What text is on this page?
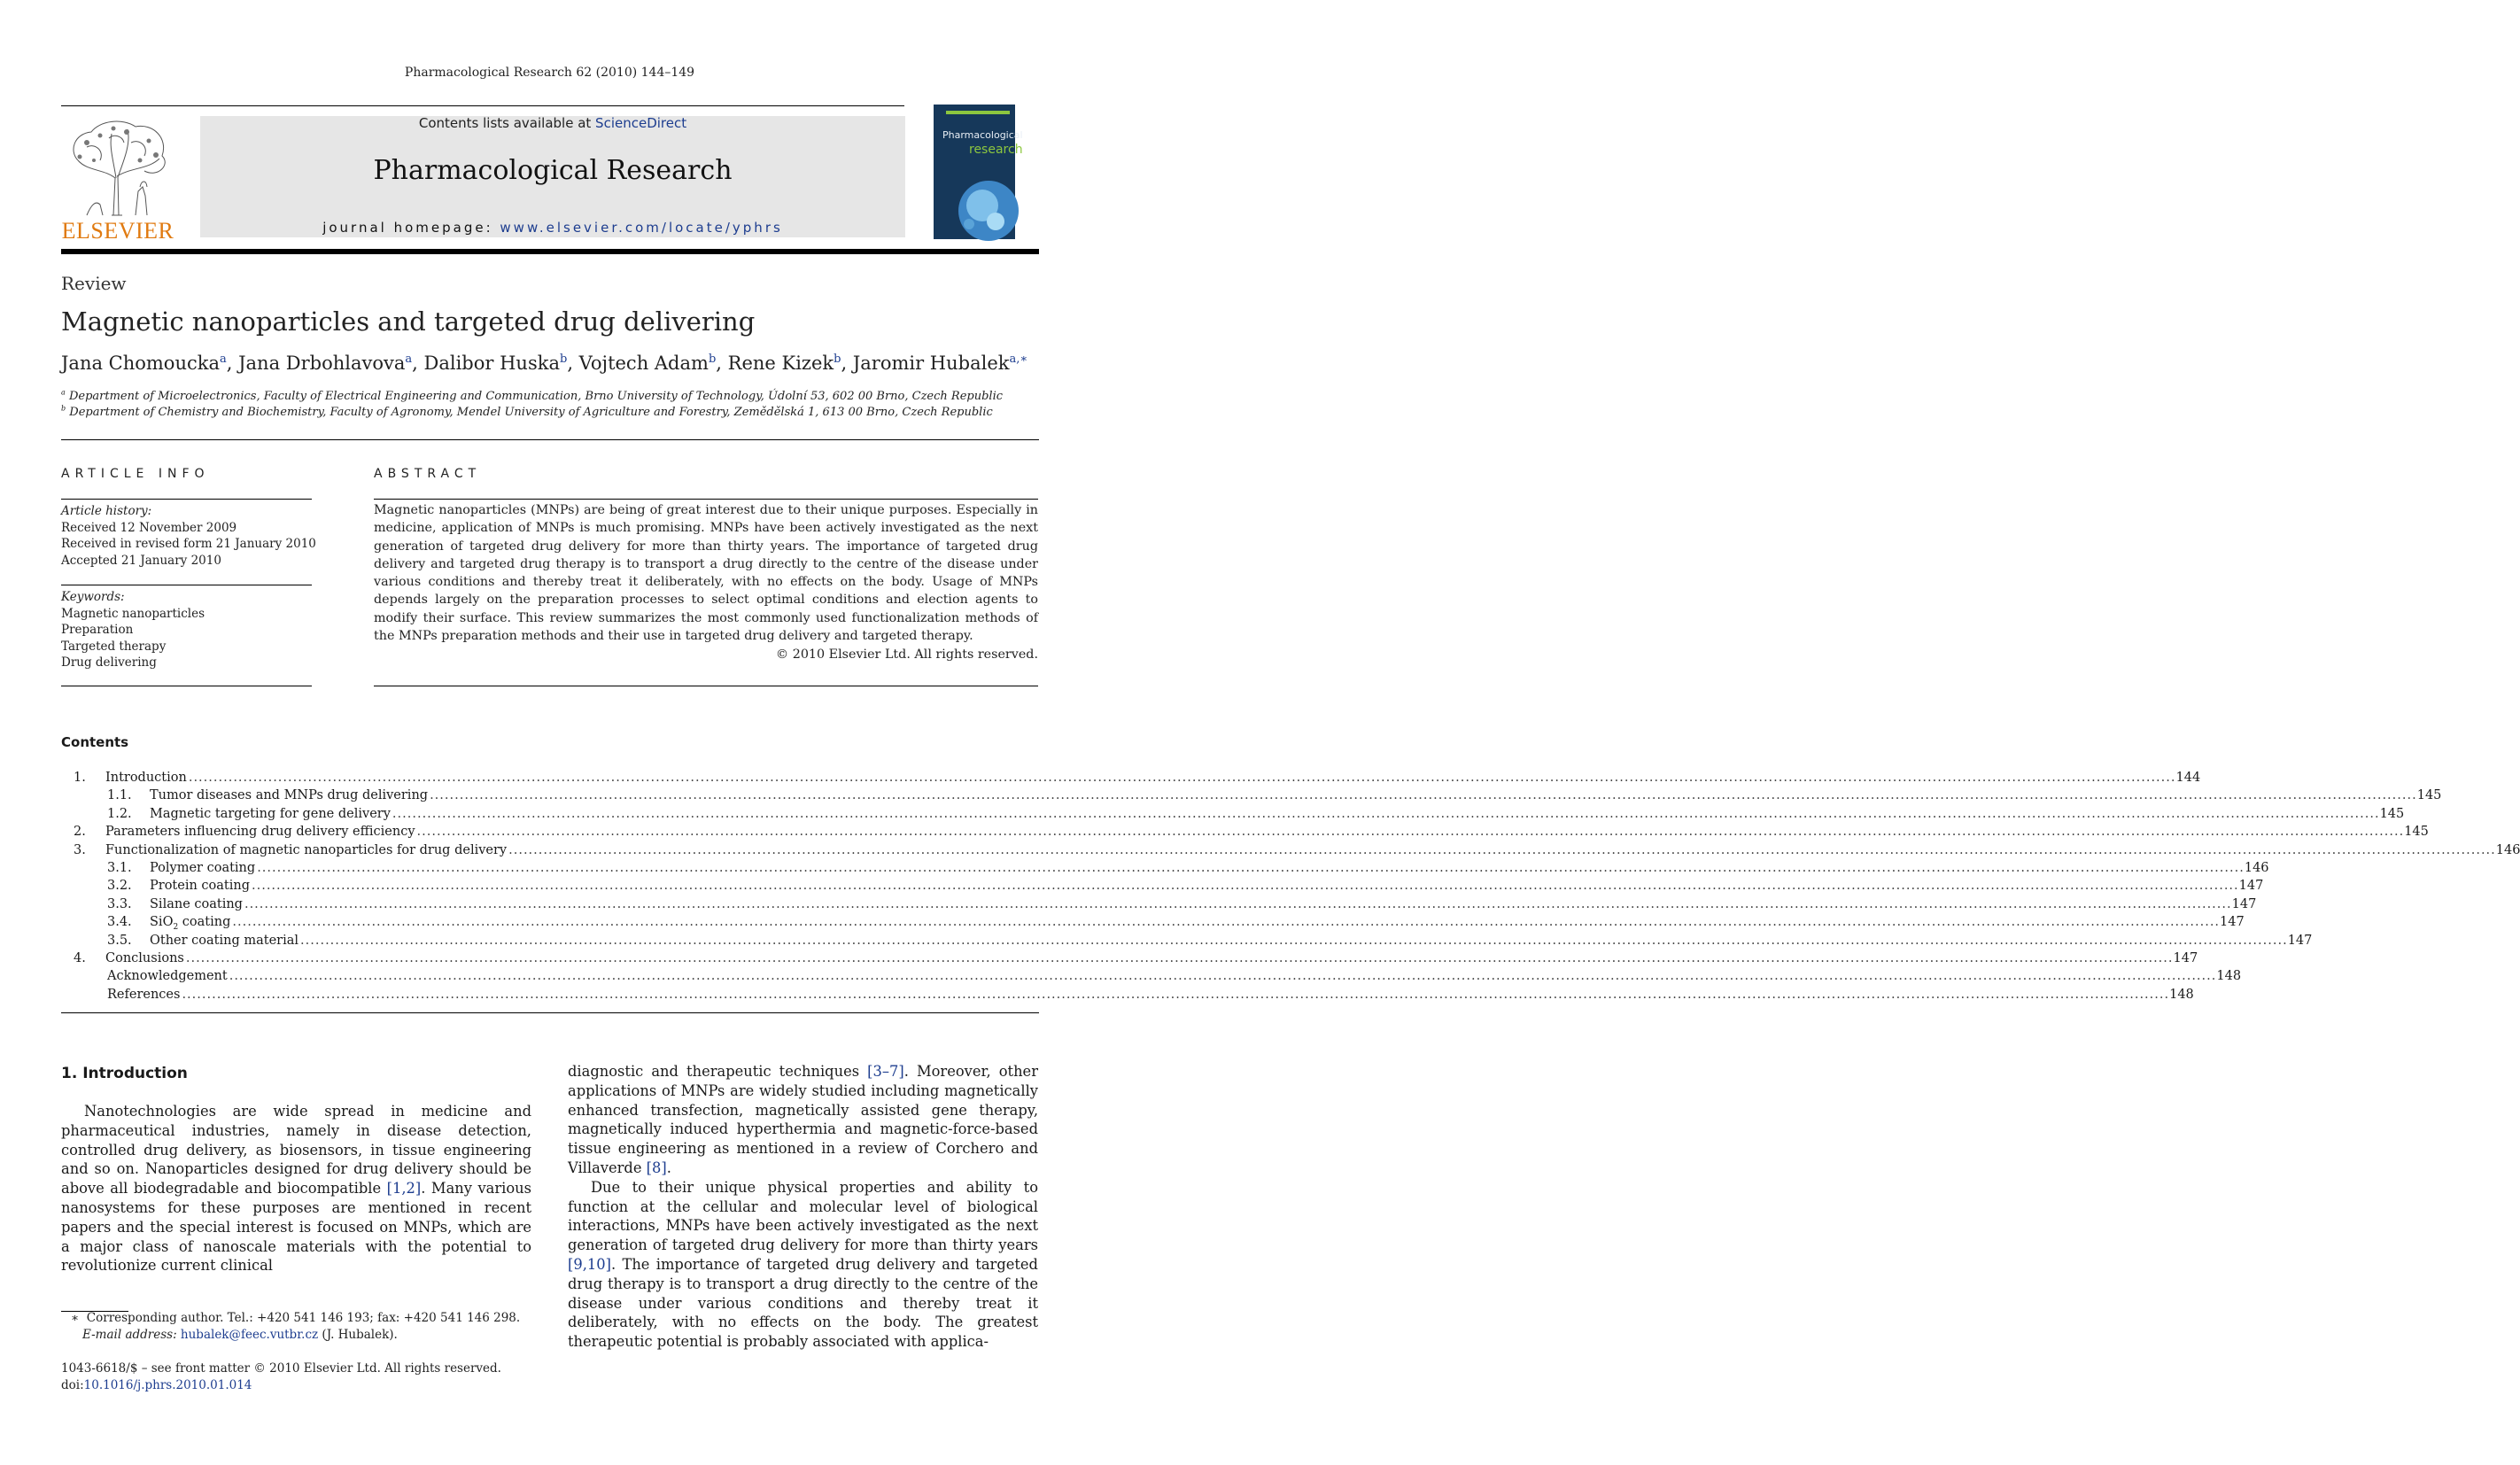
Pharmacological Research 62 (2010) 144–149
ELSEVIER
Contents lists available at ScienceDirect
Pharmacological Research
journal homepage: www.elsevier.com/locate/yphrs
Pharmacological
research
Review
Magnetic nanoparticles and targeted drug delivering
Jana Chomoucka$^a$, Jana Drbohlavova$^a$, Dalibor Huska$^b$, Vojtech Adam$^b$, Rene Kizek$^b$, Jaromir Hubalek$^{a,∗}$
$^a$ Department of Microelectronics, Faculty of Electrical Engineering and Communication, Brno University of Technology, Údolní 53, 602 00 Brno, Czech Republic
$^b$ Department of Chemistry and Biochemistry, Faculty of Agronomy, Mendel University of Agriculture and Forestry, Zemědělská 1, 613 00 Brno, Czech Republic
ARTICLE INFO
Article history:
Received 12 November 2009
Received in revised form 21 January 2010
Accepted 21 January 2010
Keywords:
Magnetic nanoparticles
Preparation
Targeted therapy
Drug delivering
ABSTRACT
Magnetic nanoparticles (MNPs) are being of great interest due to their unique purposes. Especially in medicine, application of MNPs is much promising. MNPs have been actively investigated as the next generation of targeted drug delivery for more than thirty years. The importance of targeted drug delivery and targeted drug therapy is to transport a drug directly to the centre of the disease under various conditions and thereby treat it deliberately, with no effects on the body. Usage of MNPs depends largely on the preparation processes to select optimal conditions and election agents to modify their surface. This review summarizes the most commonly used functionalization methods of the MNPs preparation methods and their use in targeted drug delivery and targeted therapy.
© 2010 Elsevier Ltd. All rights reserved.
Contents
1. Introduction ................................................................................................................................................................................................................................................................................................................................................................................................................ 144
1.1. Tumor diseases and MNPs drug delivering ................................................................................................................................................................................................................................................................................................................................................................................................................ 145
1.2. Magnetic targeting for gene delivery ................................................................................................................................................................................................................................................................................................................................................................................................................ 145
2. Parameters influencing drug delivery efficiency ................................................................................................................................................................................................................................................................................................................................................................................................................ 145
3. Functionalization of magnetic nanoparticles for drug delivery ................................................................................................................................................................................................................................................................................................................................................................................................................ 146
3.1. Polymer coating ................................................................................................................................................................................................................................................................................................................................................................................................................ 146
3.2. Protein coating ................................................................................................................................................................................................................................................................................................................................................................................................................ 147
3.3. Silane coating ................................................................................................................................................................................................................................................................................................................................................................................................................ 147
3.4. SiO$_2$ coating ................................................................................................................................................................................................................................................................................................................................................................................................................ 147
3.5. Other coating material ................................................................................................................................................................................................................................................................................................................................................................................................................ 147
4. Conclusions ................................................................................................................................................................................................................................................................................................................................................................................................................ 147
Acknowledgement ................................................................................................................................................................................................................................................................................................................................................................................................................ 148
References ................................................................................................................................................................................................................................................................................................................................................................................................................ 148
1. Introduction

Nanotechnologies are wide spread in medicine and pharmaceutical industries, namely in disease detection, controlled drug delivery, as biosensors, in tissue engineering and so on. Nanoparticles designed for drug delivery should be above all biodegradable and biocompatible [1,2]. Many various nanosystems for these purposes are mentioned in recent papers and the special interest is focused on MNPs, which are a major class of nanoscale materials with the potential to revolutionize current clinical

diagnostic and therapeutic techniques [3–7]. Moreover, other applications of MNPs are widely studied including magnetically enhanced transfection, magnetically assisted gene therapy, magnetically induced hyperthermia and magnetic-force-based tissue engineering as mentioned in a review of Corchero and Villaverde [8].

Due to their unique physical properties and ability to function at the cellular and molecular level of biological interactions, MNPs have been actively investigated as the next generation of targeted drug delivery for more than thirty years [9,10]. The importance of targeted drug delivery and targeted drug therapy is to transport a drug directly to the centre of the disease under various conditions and thereby treat it deliberately, with no effects on the body. The greatest therapeutic potential is probably associated with applica-

∗ Corresponding author. Tel.: +420 541 146 193; fax: +420 541 146 298.
E-mail address: hubalek@feec.vutbr.cz (J. Hubalek).
1043-6618/$ – see front matter © 2010 Elsevier Ltd. All rights reserved.
doi:10.1016/j.phrs.2010.01.014
